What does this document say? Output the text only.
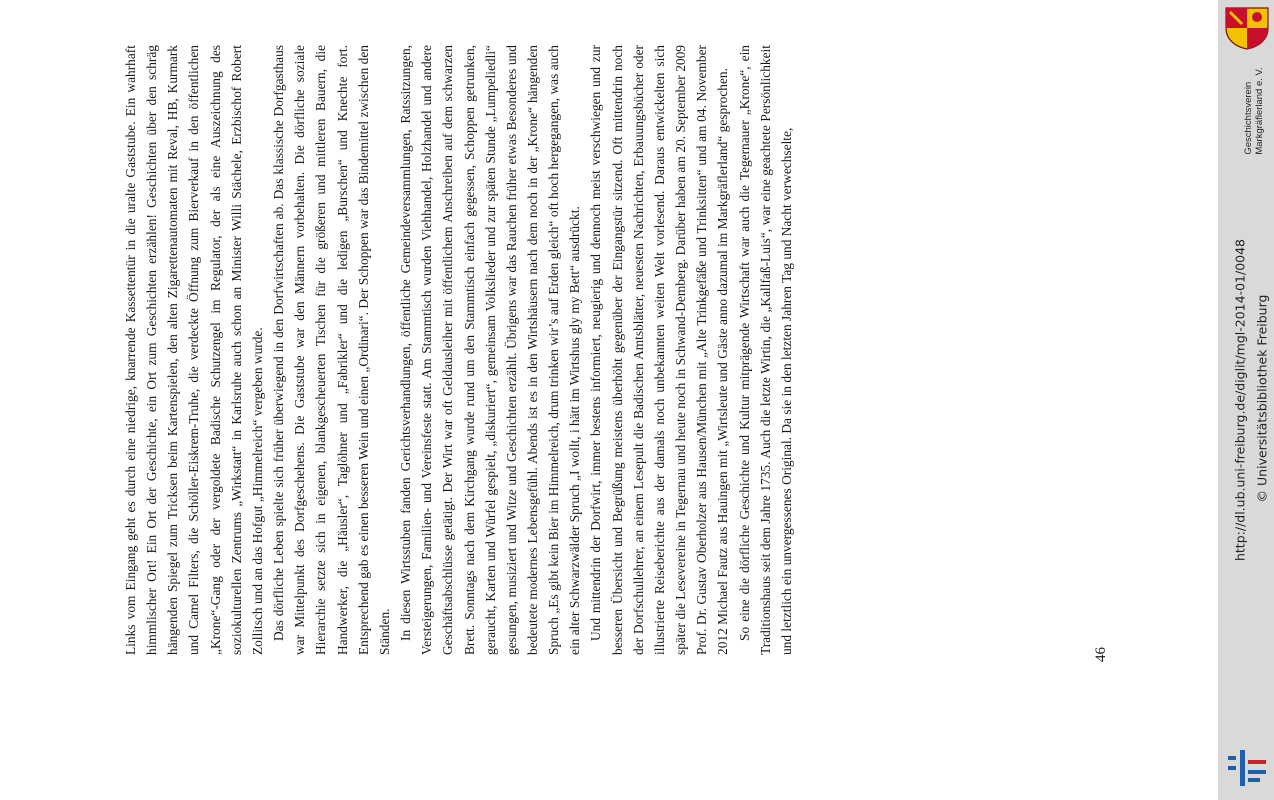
Links vom Eingang geht es durch eine niedrige, knarrende Kassettentür in die uralte Gaststube. Ein wahrhaft himmlischer Ort! Ein Ort der Geschichte, ein Ort zum Geschichten erzählen! Geschichten über den schräg hängenden Spiegel zum Tricksen beim Kartenspielen, den alten Zigarettenautomaten mit Reval, HB, Kurmark und Camel Filters, die Schöller-Eiskrem-Truhe, die verdeckte Öffnung zum Bierverkauf in den öffentlichen „Krone“-Gang oder der vergoldete Badische Schutzengel im Regulator, der als eine Auszeichnung des soziokulturellen Zentrums „Wirkstatt“ in Karlsruhe auch schon an Minister Willi Stächele, Erzbischof Robert Zollitsch und an das Hofgut „Himmelreich“ vergeben wurde. Das dörfliche Leben spielte sich früher überwiegend in den Dorfwirtschaften ab. Das klassische Dorfgasthaus war Mittelpunkt des Dorfgeschehens. Die Gaststube war den Männern vorbehalten. Die dörfliche soziale Hierarchie setzte sich in eigenen, blankgescheuerten Tischen für die größeren und mittleren Bauern, die Handwerker, die „Häusler“, Taglöhner und „Fabrikler“ und die ledigen „Burschen“ und Knechte fort. Entsprechend gab es einen besseren Wein und einen „Ordinari“. Der Schoppen war das Bindemittel zwischen den Ständen. In diesen Wirtsstuben fanden Gerichtsverhandlungen, öffentliche Gemeindeversammlungen, Ratssitzungen, Versteigerungen, Familien- und Vereinsfeste statt. Am Stammtisch wurden Viehhandel, Holzhandel und andere Geschäftsabschlüsse getätigt. Der Wirt war oft Geldausleiher mit öffentlichem Anschreiben auf dem schwarzen Brett. Sonntags nach dem Kirchgang wurde rund um den Stammtisch einfach gegessen, Schoppen getrunken, geraucht, Karten und Würfel gespielt, „diskuriert“, gemeinsam Volkslieder und zur späten Stunde „Lumpeliedli“ gesungen, musiziert und Witze und Geschichten erzählt. Übrigens war das Rauchen früher etwas Besonderes und bedeutete modernes Lebensgefühl. Abends ist es in den Wirtshäusern nach dem noch in der „Krone“ hängenden Spruch „Es gibt kein Bier im Himmelreich, drum trinken wir’s auf Erden gleich“ oft hoch hergegangen, was auch ein alter Schwarzwälder Spruch „I wollt, i hätt im Wirtshus gly my Bett“ ausdrückt. Und mittendrin der Dorfwirt, immer bestens informiert, neugierig und dennoch meist verschwiegen und zur besseren Übersicht und Begrüßung meistens überhöht gegenüber der Eingangstür sitzend. Oft mittendrin noch der Dorfschullehrer, an einem Lesepult die Badischen Amtsblätter, neuesten Nachrichten, Erbauungsbücher oder illustrierte Reiseberichte aus der damals noch unbekannten weiten Welt vorlesend. Daraus entwickelten sich später die Lesevereine in Tegernau und heute noch in Schwand-Demberg. Darüber haben am 20. September 2009 Prof. Dr. Gustav Oberholzer aus Hausen/München mit „Alte Trinkgefäße und Trinksitten“ und am 04. November 2012 Michael Fautz aus Hauingen mit „Wirtsleute und Gäste anno dazumal im Markgräflerland“ gesprochen. So eine die dörfliche Geschichte und Kultur mitprägende Wirtschaft war auch die Tegernauer „Krone“, ein Traditionshaus seit dem Jahre 1735. Auch die letzte Wirtin, die „Kallfaß-Luis“, war eine geachtete Persönlichkeit und letztlich ein unvergessenes Original. Da sie in den letzten Jahren Tag und Nacht verwechselte,	46
http://dl.ub.uni-freiburg.de/diglit/mgl-2014-01/0048 © Universitätsbibliothek Freiburg
Geschichtsverein Markgräflerland e. V.
